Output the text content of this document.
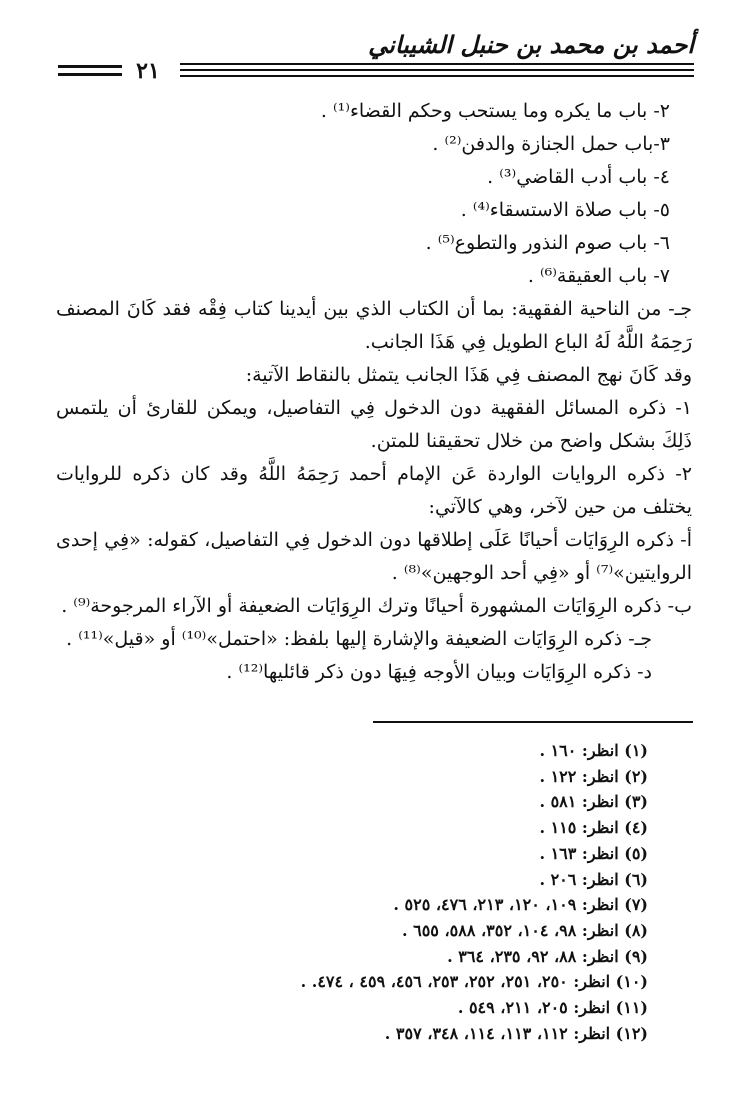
أحمد بن محمد بن حنبل الشيباني
٢١

٢- باب ما يكره وما يستحب وحكم القضاء⁽¹⁾ .

٣-باب حمل الجنازة والدفن⁽²⁾ .

٤- باب أدب القاضي⁽³⁾ .

٥- باب صلاة الاستسقاء⁽⁴⁾ .

٦- باب صوم النذور والتطوع⁽⁵⁾ .

٧- باب العقيقة⁽⁶⁾ .

جـ- من الناحية الفقهية: بما أن الكتاب الذي بين أيدينا كتاب فِقْه فقد كَانَ المصنف رَحِمَهُ اللَّهُ لَهُ الباع الطويل فِي هَذَا الجانب.

وقد كَانَ نهج المصنف فِي هَذَا الجانب يتمثل بالنقاط الآتية:

١- ذكره المسائل الفقهية دون الدخول فِي التفاصيل، ويمكن للقارئ أن يلتمس ذَلِكَ بشكل واضح من خلال تحقيقنا للمتن.

٢- ذكره الروايات الواردة عَن الإمام أحمد رَحِمَهُ اللَّهُ وقد كان ذكره للروايات يختلف من حين لآخر، وهي كالآتي:

أ- ذكره الرِوَايَات أحيانًا عَلَى إطلاقها دون الدخول فِي التفاصيل، كقوله: «فِي إحدى الروايتين»⁽⁷⁾ أو «فِي أحد الوجهين»⁽⁸⁾ .

ب- ذكره الرِوَايَات المشهورة أحيانًا وترك الرِوَايَات الضعيفة أو الآراء المرجوحة⁽⁹⁾ .

جـ- ذكره الرِوَايَات الضعيفة والإشارة إليها بلفظ: «احتمل»⁽¹⁰⁾ أو «قيل»⁽¹¹⁾ .

د- ذكره الرِوَايَات وبيان الأوجه فِيهَا دون ذكر قائليها⁽¹²⁾ .

(١) انظر: ١٦٠ .
(٢) انظر: ١٢٢ .
(٣) انظر: ٥٨١ .
(٤) انظر: ١١٥ .
(٥) انظر: ١٦٣ .
(٦) انظر: ٢٠٦ .
(٧) انظر: ١٠٩، ١٢٠، ٢١٣، ٤٧٦، ٥٢٥ .
(٨) انظر: ٩٨، ١٠٤، ٣٥٢، ٥٨٨، ٦٥٥ .
(٩) انظر: ٨٨، ٩٢، ٢٣٥، ٣٦٤ .
(١٠) انظر: ٢٥٠، ٢٥١، ٢٥٢، ٢٥٣، ٤٥٦، ٤٥٩ ، ٤٧٤. .
(١١) انظر: ٢٠٥، ٢١١، ٥٤٩ .
(١٢) انظر: ١١٢، ١١٣، ١١٤، ٣٤٨، ٣٥٧ .
